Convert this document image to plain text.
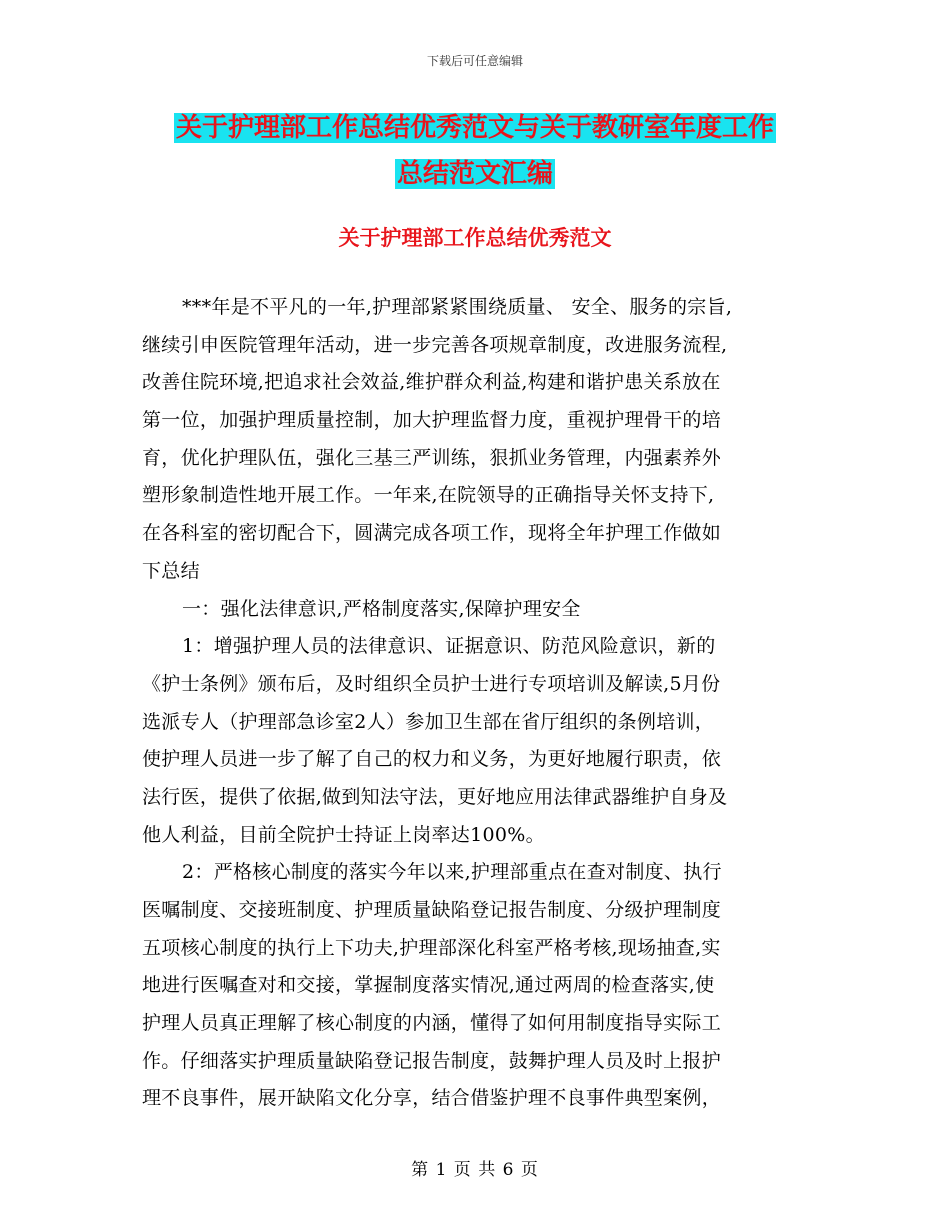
下载后可任意编辑
关于护理部工作总结优秀范文与关于教研室年度工作
总结范文汇编
关于护理部工作总结优秀范文
***年是不平凡的一年,护理部紧紧围绕质量、 安全、服务的宗旨,
继续引申医院管理年活动，进一步完善各项规章制度，改进服务流程,
改善住院环境,把追求社会效益,维护群众利益,构建和谐护患关系放在
第一位，加强护理质量控制，加大护理监督力度，重视护理骨干的培
育，优化护理队伍，强化三基三严训练，狠抓业务管理，内强素养外
塑形象制造性地开展工作。一年来,在院领导的正确指导关怀支持下,
在各科室的密切配合下，圆满完成各项工作，现将全年护理工作做如
下总结
一：强化法律意识,严格制度落实,保障护理安全
1：增强护理人员的法律意识、证据意识、防范风险意识，新的
《护士条例》颁布后，及时组织全员护士进行专项培训及解读,5月份
选派专人（护理部急诊室2人）参加卫生部在省厅组织的条例培训，
使护理人员进一步了解了自己的权力和义务，为更好地履行职责，依
法行医，提供了依据,做到知法守法，更好地应用法律武器维护自身及
他人利益，目前全院护士持证上岗率达100%。
2：严格核心制度的落实今年以来,护理部重点在查对制度、执行
医嘱制度、交接班制度、护理质量缺陷登记报告制度、分级护理制度
五项核心制度的执行上下功夫,护理部深化科室严格考核,现场抽查,实
地进行医嘱查对和交接，掌握制度落实情况,通过两周的检查落实,使
护理人员真正理解了核心制度的内涵，懂得了如何用制度指导实际工
作。仔细落实护理质量缺陷登记报告制度，鼓舞护理人员及时上报护
理不良事件，展开缺陷文化分享，结合借鉴护理不良事件典型案例，
第 1 页 共 6 页
